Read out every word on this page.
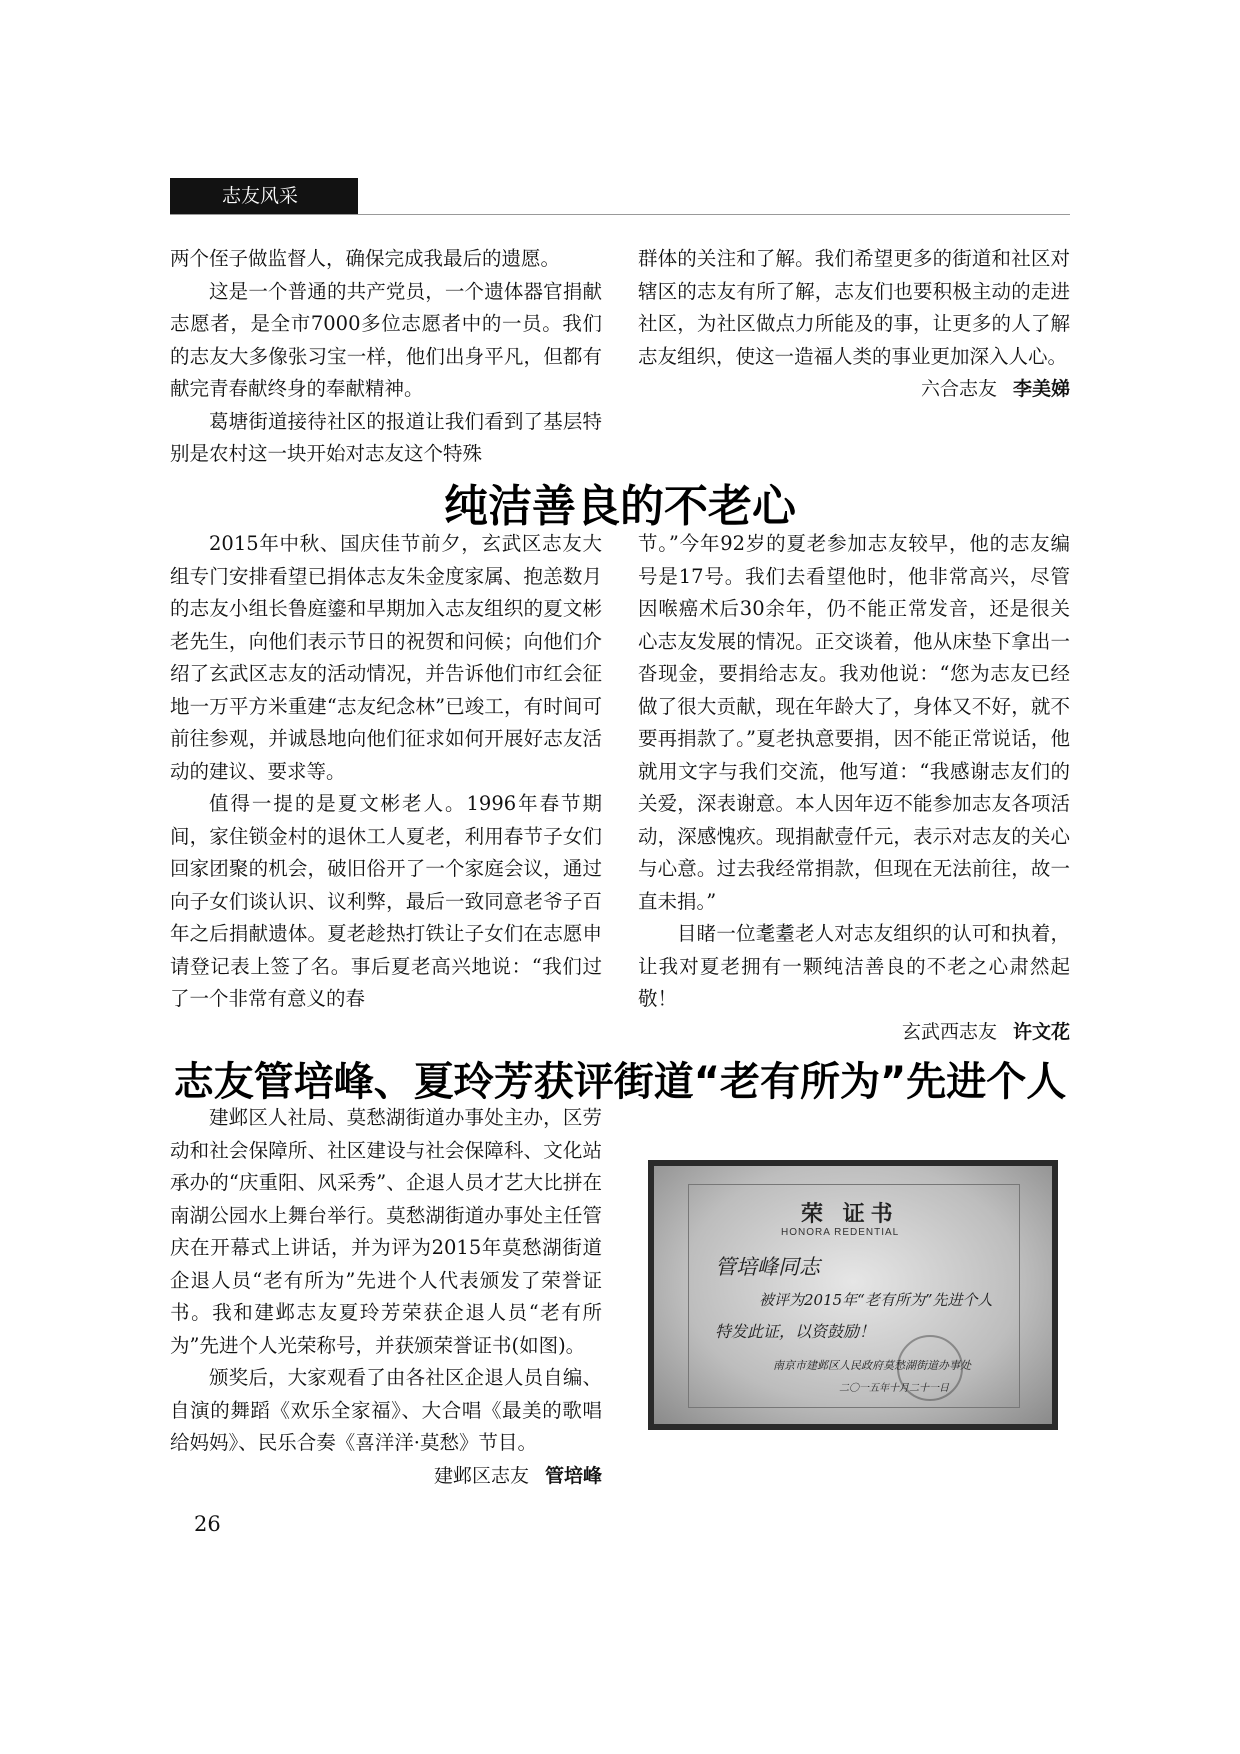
志友风采

两个侄子做监督人，确保完成我最后的遗愿。

这是一个普通的共产党员，一个遗体器官捐献志愿者，是全市7000多位志愿者中的一员。我们的志友大多像张习宝一样，他们出身平凡，但都有献完青春献终身的奉献精神。

葛塘街道接待社区的报道让我们看到了基层特别是农村这一块开始对志友这个特殊

群体的关注和了解。我们希望更多的街道和社区对辖区的志友有所了解，志友们也要积极主动的走进社区，为社区做点力所能及的事，让更多的人了解志友组织，使这一造福人类的事业更加深入人心。

六合志友 李美娣

纯洁善良的不老心

2015年中秋、国庆佳节前夕，玄武区志友大组专门安排看望已捐体志友朱金度家属、抱恙数月的志友小组长鲁庭鎏和早期加入志友组织的夏文彬老先生，向他们表示节日的祝贺和问候；向他们介绍了玄武区志友的活动情况，并告诉他们市红会征地一万平方米重建“志友纪念林”已竣工，有时间可前往参观，并诚恳地向他们征求如何开展好志友活动的建议、要求等。

值得一提的是夏文彬老人。1996年春节期间，家住锁金村的退休工人夏老，利用春节子女们回家团聚的机会，破旧俗开了一个家庭会议，通过向子女们谈认识、议利弊，最后一致同意老爷子百年之后捐献遗体。夏老趁热打铁让子女们在志愿申请登记表上签了名。事后夏老高兴地说：“我们过了一个非常有意义的春

节。”今年92岁的夏老参加志友较早，他的志友编号是17号。我们去看望他时，他非常高兴，尽管因喉癌术后30余年，仍不能正常发音，还是很关心志友发展的情况。正交谈着，他从床垫下拿出一沓现金，要捐给志友。我劝他说：“您为志友已经做了很大贡献，现在年龄大了，身体又不好，就不要再捐款了。”夏老执意要捐，因不能正常说话，他就用文字与我们交流，他写道：“我感谢志友们的关爱，深表谢意。本人因年迈不能参加志友各项活动，深感愧疚。现捐献壹仟元，表示对志友的关心与心意。过去我经常捐款，但现在无法前往，故一直未捐。”

目睹一位耄耋老人对志友组织的认可和执着，让我对夏老拥有一颗纯洁善良的不老之心肃然起敬！

玄武西志友 许文花

志友管培峰、夏玲芳获评街道“老有所为”先进个人

建邺区人社局、莫愁湖街道办事处主办，区劳动和社会保障所、社区建设与社会保障科、文化站承办的“庆重阳、风采秀”、企退人员才艺大比拼在南湖公园水上舞台举行。莫愁湖街道办事处主任管庆在开幕式上讲话，并为评为2015年莫愁湖街道企退人员“老有所为”先进个人代表颁发了荣誉证书。我和建邺志友夏玲芳荣获企退人员“老有所为”先进个人光荣称号，并获颁荣誉证书(如图)。

颁奖后，大家观看了由各社区企退人员自编、自演的舞蹈《欢乐全家福》、大合唱《最美的歌唱给妈妈》、民乐合奏《喜洋洋·莫愁》节目。

建邺区志友 管培峰

荣 证书
HONORA REDENTIAL
管培峰同志
被评为2015年“老有所为”先进个人
特发此证，以资鼓励！
南京市建邺区人民政府莫愁湖街道办事处
二〇一五年十月二十一日
26
